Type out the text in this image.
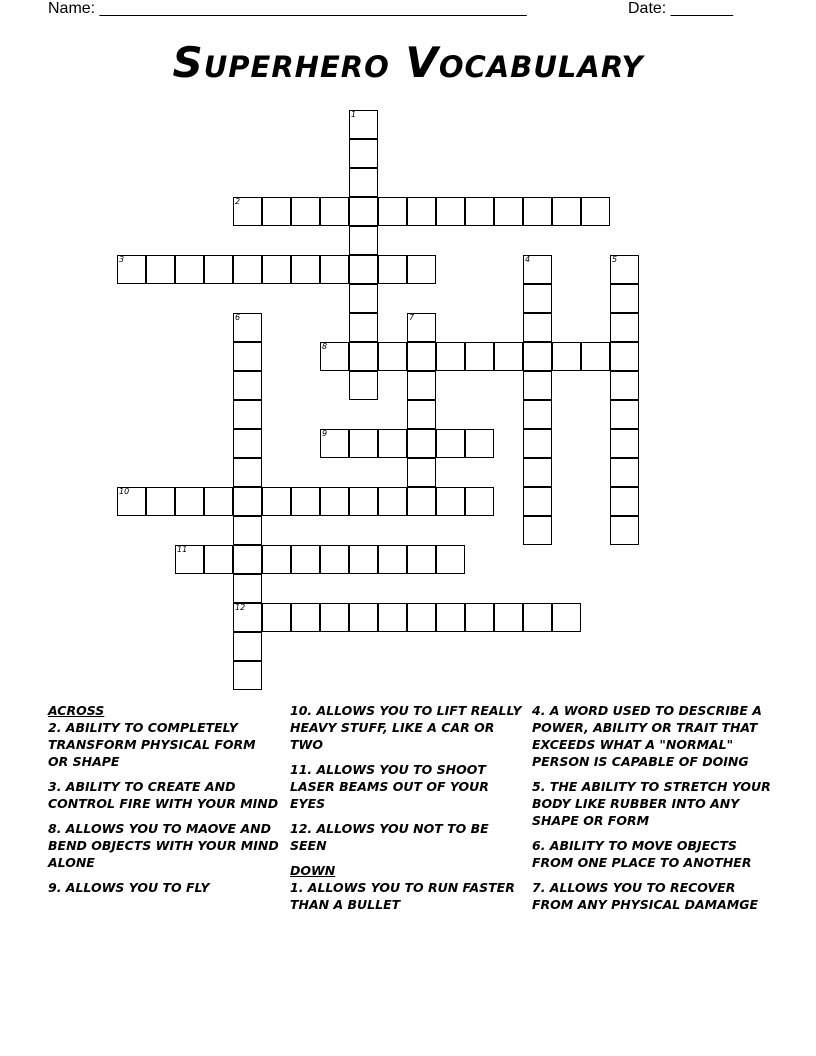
Name: ________________________________________________	Date: _______
Superhero Vocabulary
1
2
3	4	5
6	7
8
9
10
11
12
ACROSS
2. ABILITY TO COMPLETELY TRANSFORM PHYSICAL FORM OR SHAPE
3. ABILITY TO CREATE AND CONTROL FIRE WITH YOUR MIND
8. ALLOWS YOU TO MAOVE AND BEND OBJECTS WITH YOUR MIND ALONE
9. ALLOWS YOU TO FLY
10. ALLOWS YOU TO LIFT REALLY HEAVY STUFF, LIKE A CAR OR TWO
11. ALLOWS YOU TO SHOOT LASER BEAMS OUT OF YOUR EYES
12. ALLOWS YOU NOT TO BE SEEN
DOWN
1. ALLOWS YOU TO RUN FASTER THAN A BULLET
4. A WORD USED TO DESCRIBE A POWER, ABILITY OR TRAIT THAT EXCEEDS WHAT A "NORMAL" PERSON IS CAPABLE OF DOING
5. THE ABILITY TO STRETCH YOUR BODY LIKE RUBBER INTO ANY SHAPE OR FORM
6. ABILITY TO MOVE OBJECTS FROM ONE PLACE TO ANOTHER
7. ALLOWS YOU TO RECOVER FROM ANY PHYSICAL DAMAMGE
